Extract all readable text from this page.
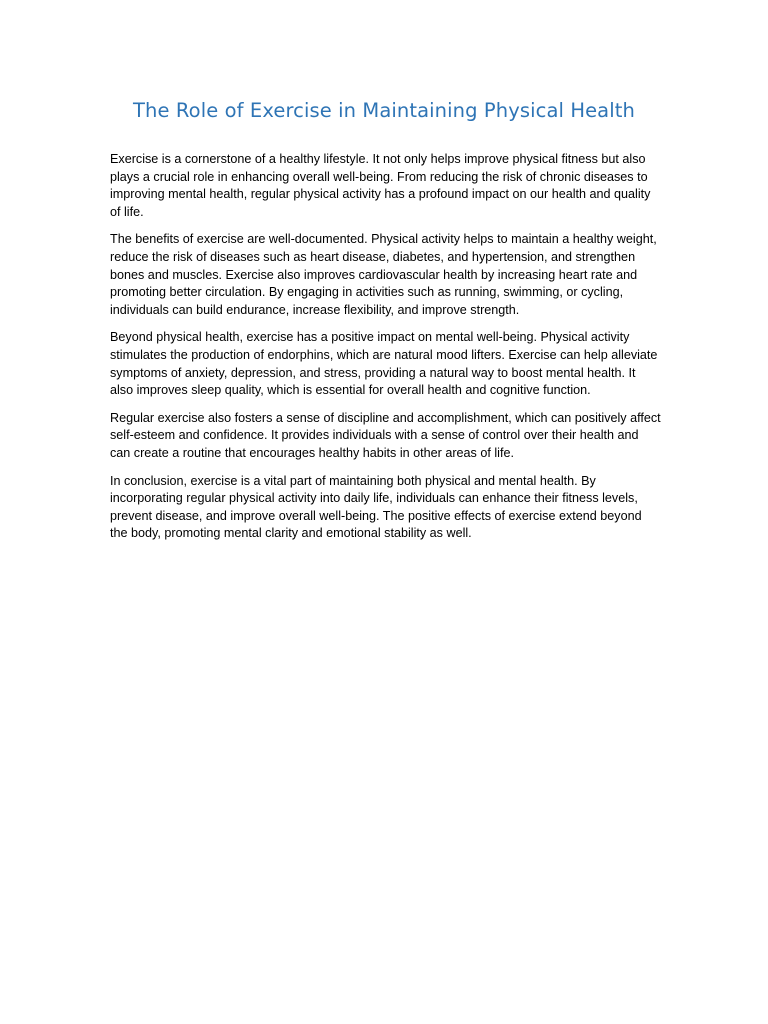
The Role of Exercise in Maintaining Physical Health

Exercise is a cornerstone of a healthy lifestyle. It not only helps improve physical fitness but also plays a crucial role in enhancing overall well-being. From reducing the risk of chronic diseases to improving mental health, regular physical activity has a profound impact on our health and quality of life.

The benefits of exercise are well-documented. Physical activity helps to maintain a healthy weight, reduce the risk of diseases such as heart disease, diabetes, and hypertension, and strengthen bones and muscles. Exercise also improves cardiovascular health by increasing heart rate and promoting better circulation. By engaging in activities such as running, swimming, or cycling, individuals can build endurance, increase flexibility, and improve strength.

Beyond physical health, exercise has a positive impact on mental well-being. Physical activity stimulates the production of endorphins, which are natural mood lifters. Exercise can help alleviate symptoms of anxiety, depression, and stress, providing a natural way to boost mental health. It also improves sleep quality, which is essential for overall health and cognitive function.

Regular exercise also fosters a sense of discipline and accomplishment, which can positively affect self-esteem and confidence. It provides individuals with a sense of control over their health and can create a routine that encourages healthy habits in other areas of life.

In conclusion, exercise is a vital part of maintaining both physical and mental health. By incorporating regular physical activity into daily life, individuals can enhance their fitness levels, prevent disease, and improve overall well-being. The positive effects of exercise extend beyond the body, promoting mental clarity and emotional stability as well.
